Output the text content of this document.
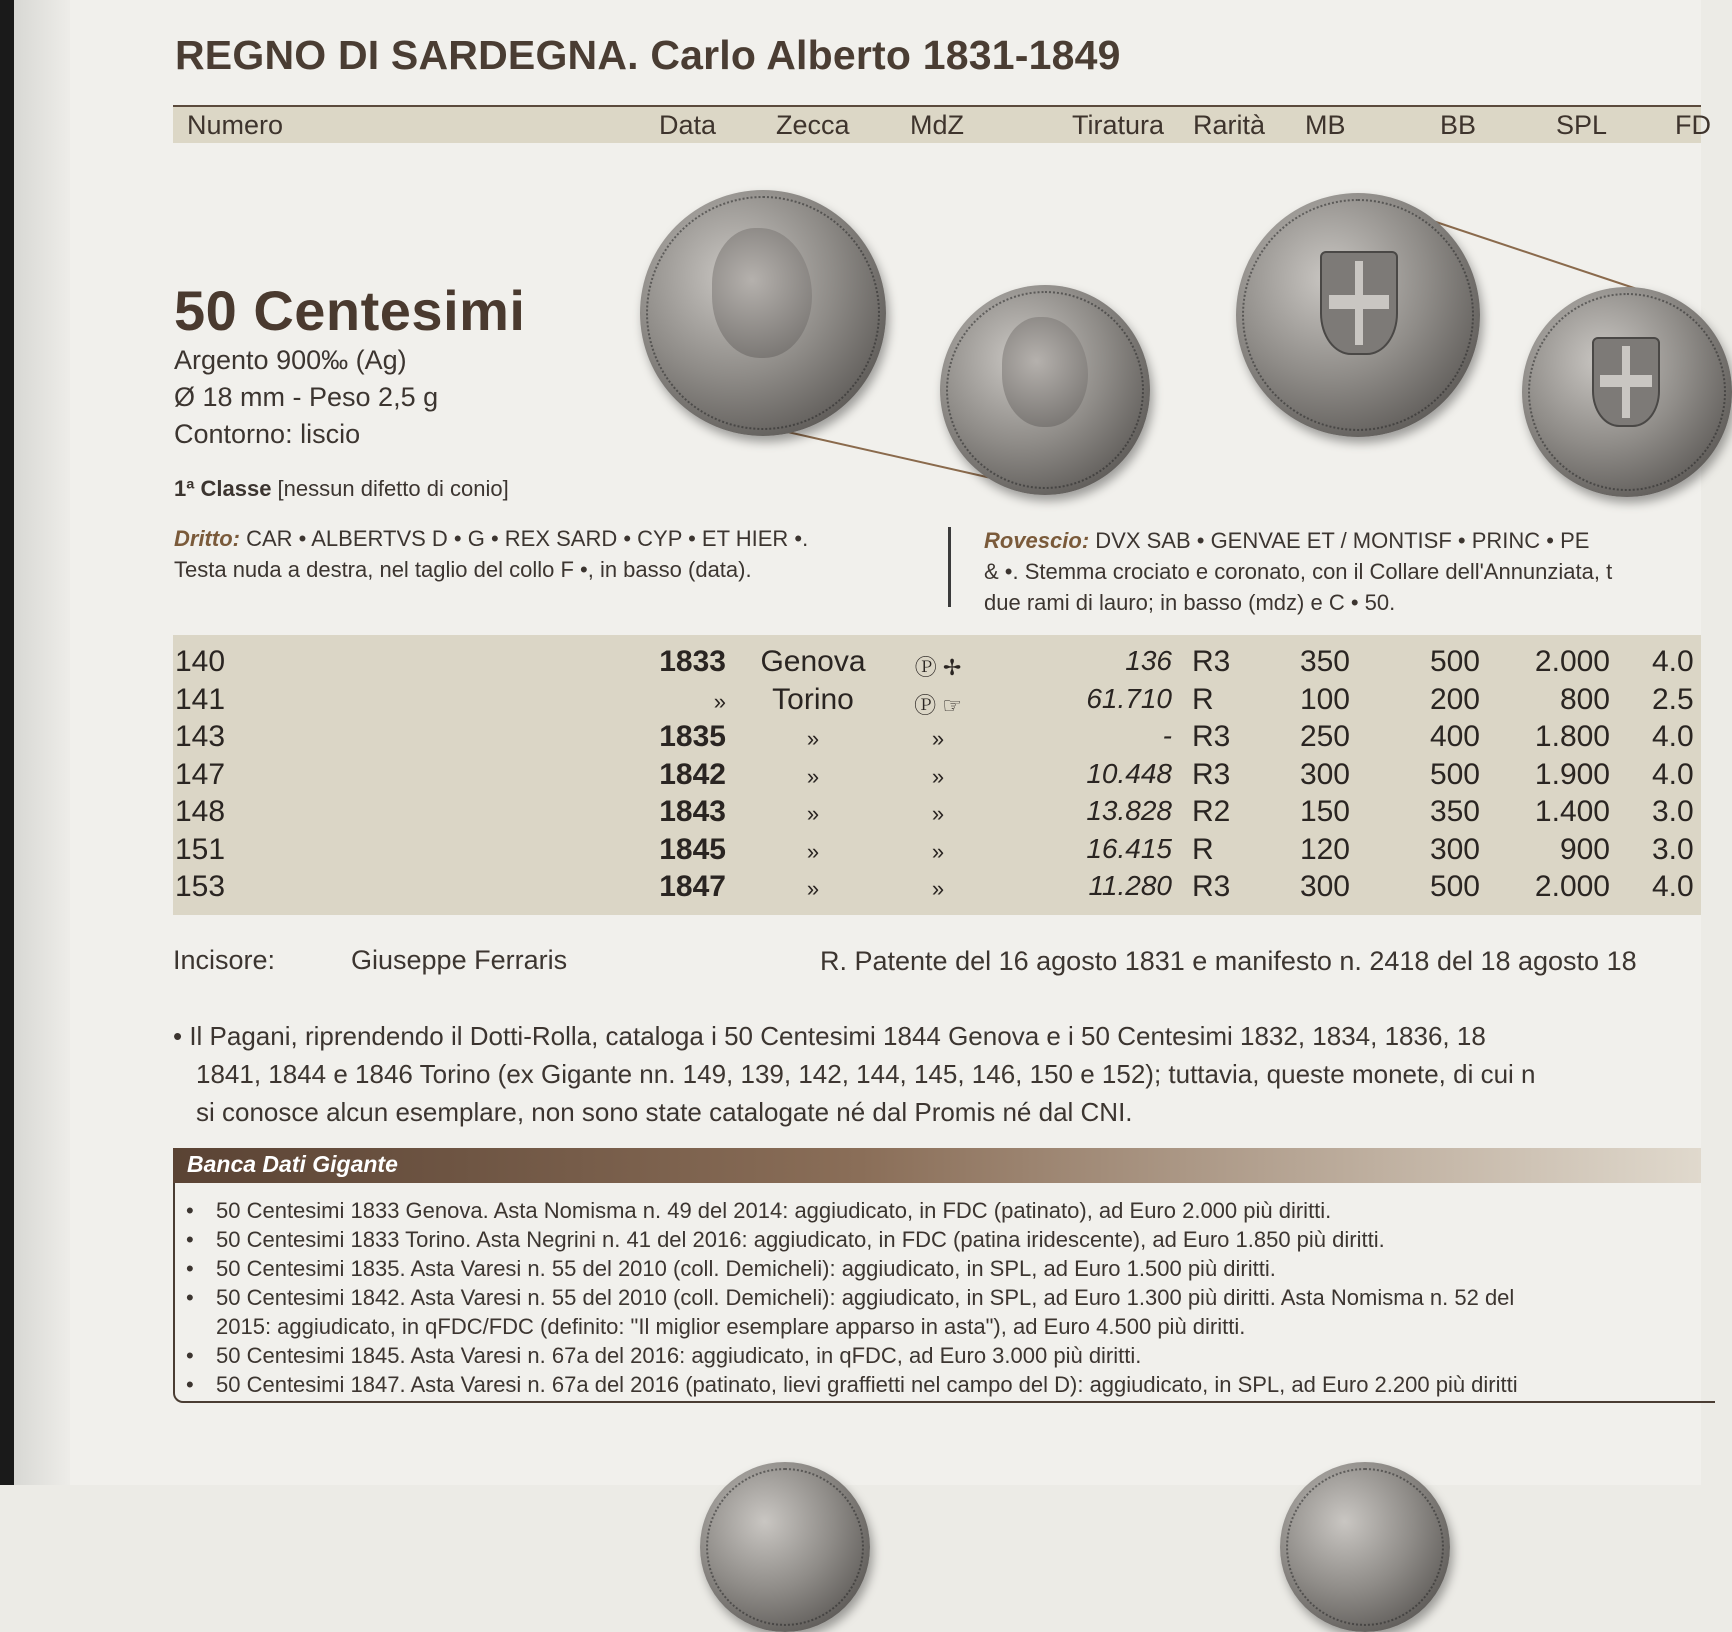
REGNO DI SARDEGNA. Carlo Alberto 1831-1849
Numero	Data Zecca MdZ	Tiratura Rarità MB	BB	SPL	FD
50 Centesimi
Argento 900‰ (Ag)
Ø 18 mm - Peso 2,5 g
Contorno: liscio
1ª Classe [nessun difetto di conio]
Dritto: CAR • ALBERTVS D • G • REX SARD • CYP • ET HIER •.
Testa nuda a destra, nel taglio del collo F •, in basso (data).
Rovescio: DVX SAB • GENVAE ET / MONTISF • PRINC • PE
& •. Stemma crociato e coronato, con il Collare dell'Annunziata, t
due rami di lauro; in basso (mdz) e C • 50.
140	1833	Genova	Ⓟ ✢	136 R3	350	500	2.000 4.0
141	»	Torino	Ⓟ ☞	61.710 R	100	200	800 2.5
143	1835	»	»	- R3	250	400	1.800 4.0
147	1842	»	»	10.448 R3	300	500	1.900 4.0
148	1843	»	»	13.828 R2	150	350	1.400 3.0
151	1845	»	»	16.415 R	120	300	900 3.0
153	1847	»	»	11.280 R3	300	500	2.000 4.0
Incisore:	Giuseppe Ferraris	R. Patente del 16 agosto 1831 e manifesto n. 2418 del 18 agosto 18
• Il Pagani, riprendendo il Dotti-Rolla, cataloga i 50 Centesimi 1844 Genova e i 50 Centesimi 1832, 1834, 1836, 18
1841, 1844 e 1846 Torino (ex Gigante nn. 149, 139, 142, 144, 145, 146, 150 e 152); tuttavia, queste monete, di cui n
si conosce alcun esemplare, non sono state catalogate né dal Promis né dal CNI.
Banca Dati Gigante
• 50 Centesimi 1833 Genova. Asta Nomisma n. 49 del 2014: aggiudicato, in FDC (patinato), ad Euro 2.000 più diritti.
• 50 Centesimi 1833 Torino. Asta Negrini n. 41 del 2016: aggiudicato, in FDC (patina iridescente), ad Euro 1.850 più diritti.
• 50 Centesimi 1835. Asta Varesi n. 55 del 2010 (coll. Demicheli): aggiudicato, in SPL, ad Euro 1.500 più diritti.
• 50 Centesimi 1842. Asta Varesi n. 55 del 2010 (coll. Demicheli): aggiudicato, in SPL, ad Euro 1.300 più diritti. Asta Nomisma n. 52 del
2015: aggiudicato, in qFDC/FDC (definito: "Il miglior esemplare apparso in asta"), ad Euro 4.500 più diritti.
• 50 Centesimi 1845. Asta Varesi n. 67a del 2016: aggiudicato, in qFDC, ad Euro 3.000 più diritti.
• 50 Centesimi 1847. Asta Varesi n. 67a del 2016 (patinato, lievi graffietti nel campo del D): aggiudicato, in SPL, ad Euro 2.200 più diritti
